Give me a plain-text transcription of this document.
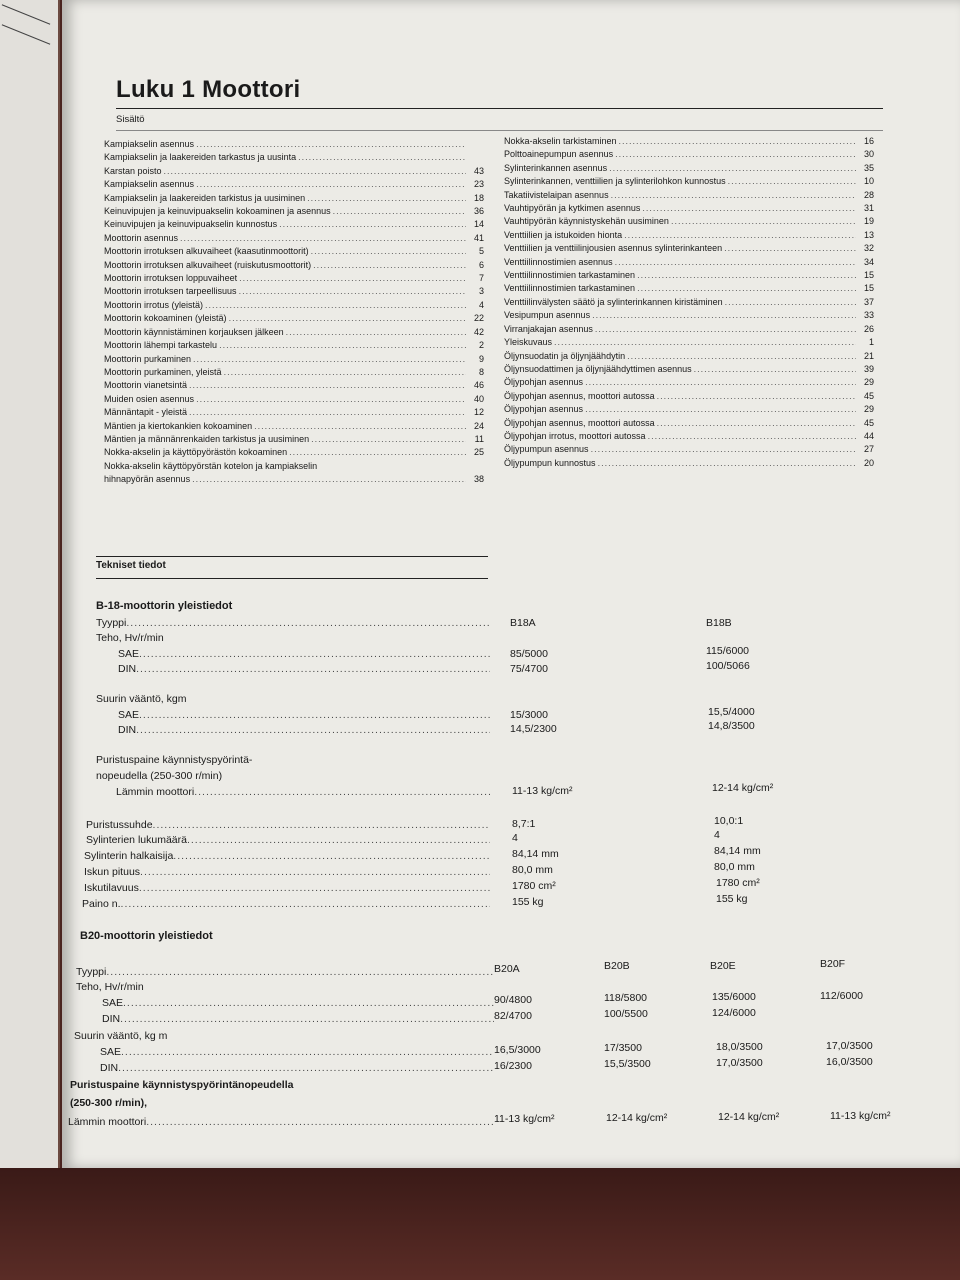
Luku 1 Moottori
Sisältö
Kampiakselin asennus
.....
Kampiakselin ja laakereiden tarkastus ja uusinta
.....
Karstan poisto .....	43
Kampiakselin asennus .....	23
Kampiakselin ja laakereiden tarkistus ja uusiminen .....	18
Keinuvipujen ja keinuvipuakselin kokoaminen ja asennus .....	36
Keinuvipujen ja keinuvipuakselin kunnostus .....	14
Moottorin asennus .....	41
Moottorin irrotuksen alkuvaiheet (kaasutinmoottorit) .....	5
Moottorin irrotuksen alkuvaiheet (ruiskutusmoottorit) .....	6
Moottorin irrotuksen loppuvaiheet .....	7
Moottorin irrotuksen tarpeellisuus .....	3
Moottorin irrotus (yleistä) .....	4
Moottorin kokoaminen (yleistä) .....	22
Moottorin käynnistäminen korjauksen jälkeen .....	42
Moottorin lähempi tarkastelu .....	2
Moottorin purkaminen .....	9
Moottorin purkaminen, yleistä .....	8
Moottorin vianetsintä .....	46
Muiden osien asennus .....	40
Männäntapit - yleistä .....	12
Mäntien ja kiertokankien kokoaminen .....	24
Mäntien ja männänrenkaiden tarkistus ja uusiminen .....	11
Nokka-akselin ja käyttöpyörästön kokoaminen .....	25
Nokka-akselin käyttöpyörstän kotelon ja kampiakselin
hihnapyörän asennus .....	38
Nokka-akselin tarkistaminen .....	16
Polttoainepumpun asennus .....	30
Sylinterinkannen asennus .....	35
Sylinterinkannen, venttiilien ja sylinterilohkon kunnostus .....	10
Takatiivistelaipan asennus .....	28
Vauhtipyörän ja kytkimen asennus .....	31
Vauhtipyörän käynnistyskehän uusiminen .....	19
Venttiilien ja istukoiden hionta .....	13
Venttiilien ja venttiilinjousien asennus sylinterinkanteen .....	32
Venttiilinnostimien asennus .....	34
Venttiilinnostimien tarkastaminen .....	15
Venttiilinnostimien tarkastaminen .....	15
Venttiilinvälysten säätö ja sylinterinkannen kiristäminen .....	37
Vesipumpun asennus .....	33
Virranjakajan asennus .....	26
Yleiskuvaus .....	1
Öljynsuodatin ja öljynjäähdytin .....	21
Öljynsuodattimen ja öljynjäähdyttimen asennus .....	39
Öljypohjan asennus .....	29
Öljypohjan asennus, moottori autossa .....	45
Öljypohjan asennus .....	29
Öljypohjan asennus, moottori autossa .....	45
Öljypohjan irrotus, moottori autossa .....	44
Öljypumpun asennus .....	27
Öljypumpun kunnostus .....	20
Tekniset tiedot
B-18-moottorin yleistiedot
Tyyppi .....	B18A	B18B
Teho, Hv/r/min
SAE .....	85/5000	115/6000
DIN .....	75/4700	100/5066
Suurin vääntö, kgm
SAE .....	15/3000	15,5/4000
DIN .....	14,5/2300	14,8/3500
Puristuspaine käynnistyspyörintä-
nopeudella (250-300 r/min)
Lämmin moottori .....	11-13 kg/cm²	12-14 kg/cm²
Puristussuhde .....	8,7:1	10,0:1
Sylinterien lukumäärä .....	4	4
Sylinterin halkaisija .....	84,14 mm	84,14 mm
Iskun pituus .....	80,0 mm	80,0 mm
Iskutilavuus .....	1780 cm²	1780 cm²
Paino n. .....	155 kg	155 kg
B20-moottorin yleistiedot
Tyyppi .....	B20A	B20B	B20E	B20F
Teho, Hv/r/min
SAE .....	90/4800	118/5800	135/6000	112/6000
DIN .....	82/4700	100/5500	124/6000
Suurin vääntö, kg m
SAE .....	16,5/3000	17/3500	18,0/3500	17,0/3500
DIN .....	16/2300	15,5/3500	17,0/3500	16,0/3500
Puristuspaine käynnistyspyörintänopeudella
(250-300 r/min),
Lämmin moottori .....	11-13 kg/cm²	12-14 kg/cm²	12-14 kg/cm²	11-13 kg/cm²
